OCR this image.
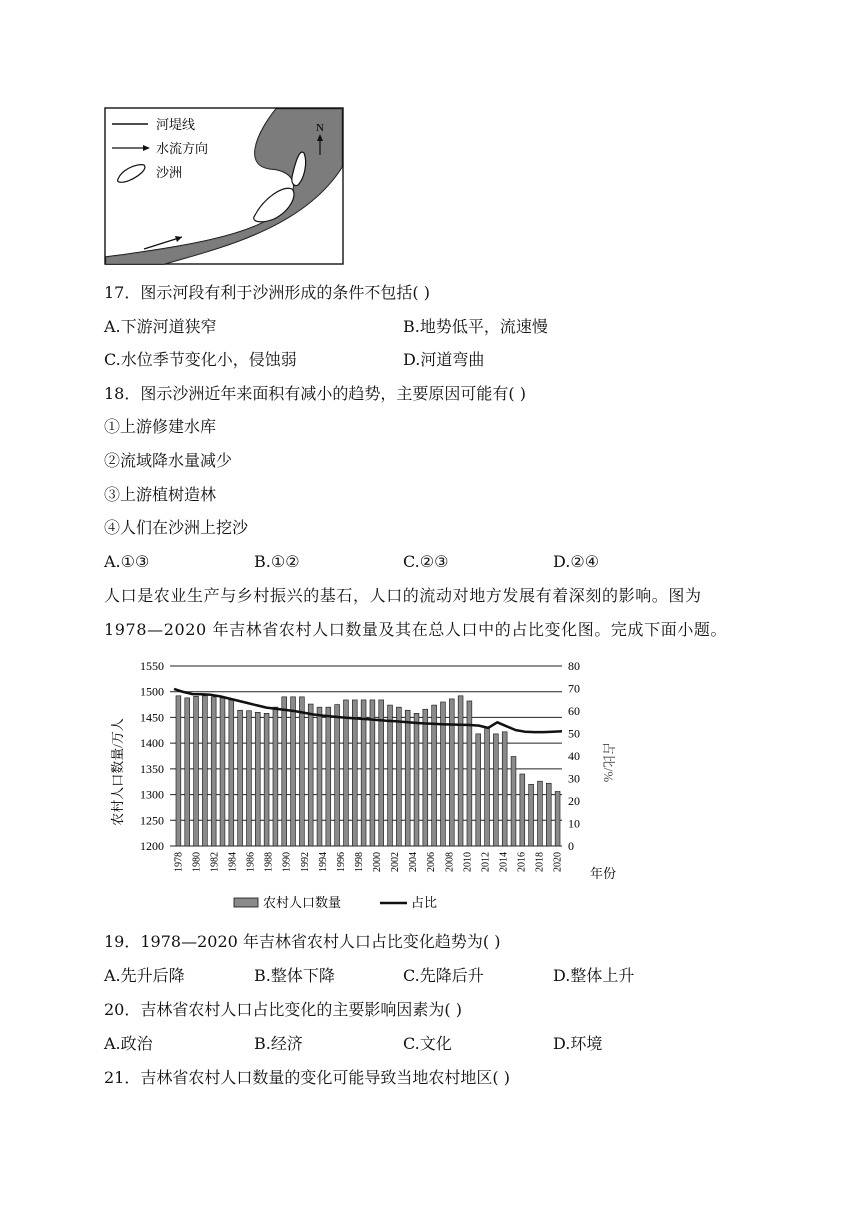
河堤线
水流方向
沙洲
N
17．图示河段有利于沙洲形成的条件不包括( )
A.下游河道狭窄	B.地势低平，流速慢
C.水位季节变化小，侵蚀弱	D.河道弯曲
18．图示沙洲近年来面积有减小的趋势，主要原因可能有( )
①上游修建水库
②流域降水量减少
③上游植树造林
④人们在沙洲上挖沙
A.①③	B.①②	C.②③	D.②④
人口是农业生产与乡村振兴的基石，人口的流动对地方发展有着深刻的影响。图为
1978—2020 年吉林省农村人口数量及其在总人口中的占比变化图。完成下面小题。
1200
1250
1300
1350
1400
1450
1500
1550
0
10
20
30
40
50
60
70
80
1978 1980 1982 1984 1986 1988 1990 1992 1994 1996 1998 2000 2002 2004 2006 2008 2010 2012 2014 2016 2018 2020
农村人口数量/万人	占比/%
年份
农村人口数量	占比
19．1978—2020 年吉林省农村人口占比变化趋势为( )
A.先升后降	B.整体下降	C.先降后升	D.整体上升
20．吉林省农村人口占比变化的主要影响因素为( )
A.政治	B.经济	C.文化	D.环境
21．吉林省农村人口数量的变化可能导致当地农村地区( )
